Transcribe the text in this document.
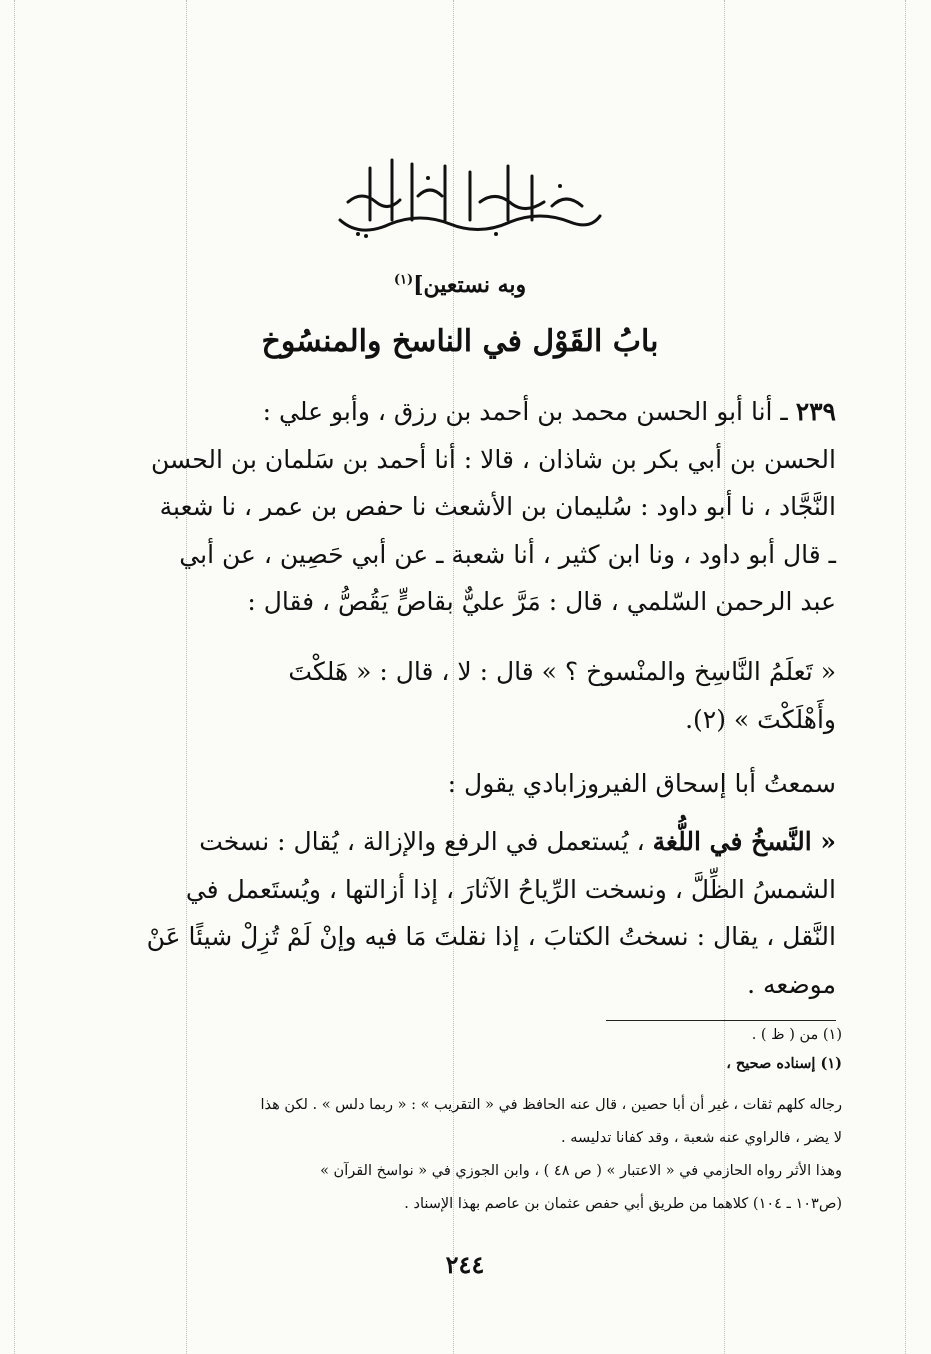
وبه نستعين]$^{(١)}$
بابُ القَوْل في الناسخ والمنسُوخ

٢٣٩ ـ أنا أبو الحسن محمد بن أحمد بن رزق ، وأبو علي :

الحسن بن أبي بكر بن شاذان ، قالا : أنا أحمد بن سَلمان بن الحسن

النَّجَّاد ، نا أبو داود : سُليمان بن الأشعث نا حفص بن عمر ، نا شعبة

ـ قال أبو داود ، ونا ابن كثير ، أنا شعبة ـ عن أبي حَصِين ، عن أبي

عبد الرحمن السّلمي ، قال : مَرَّ عليٌّ بقاصٍّ يَقُصُّ ، فقال :

« تَعلَمُ النَّاسِخ والمنْسوخ ؟ » قال : لا ، قال : « هَلكْتَ

وأَهْلَكْتَ » (٢).

سمعتُ أبا إسحاق الفيروزابادي يقول :

« النَّسخُ في اللُّغة ، يُستعمل في الرفع والإزالة ، يُقال : نسخت

الشمسُ الظِّلَّ ، ونسخت الرِّياحُ الآثارَ ، إذا أزالتها ، ويُستَعمل في

النَّقل ، يقال : نسختُ الكتابَ ، إذا نقلتَ مَا فيه وإنْ لَمْ تُزِلْ شيئًا عَنْ

موضعه .

(١) من ( ظ ) .
(١) إسناده صحيح ،

رجاله كلهم ثقات ، غير أن أبا حصين ، قال عنه الحافظ في « التقريب » : « ربما دلس » . لكن هذا

لا يضر ، فالراوي عنه شعبة ، وقد كفانا تدليسه .

وهذا الأثر رواه الحازمي في « الاعتبار » ( ص ٤٨ ) ، وابن الجوزي في « نواسخ القرآن »

(ص١٠٣ ـ ١٠٤) كلاهما من طريق أبي حفص عثمان بن عاصم بهذا الإسناد .

٢٤٤
